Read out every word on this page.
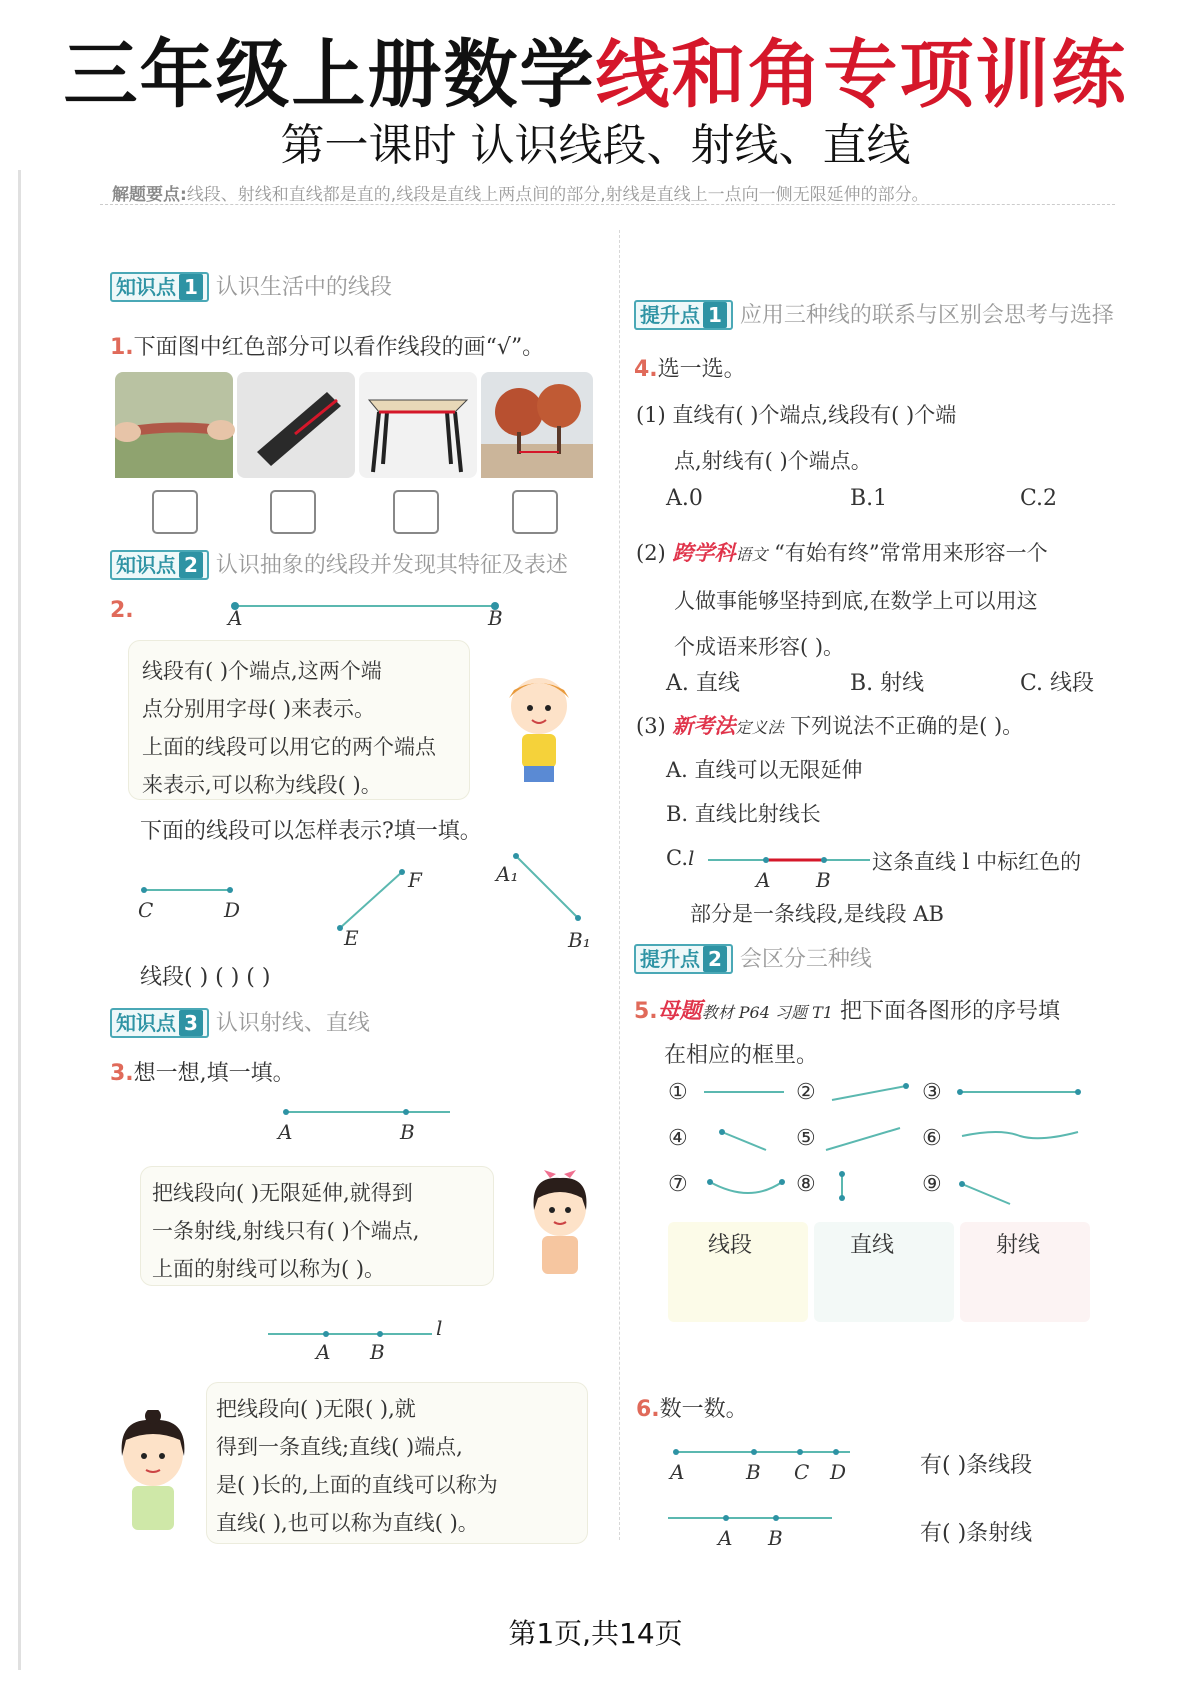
三年级上册数学线和角专项训练
第一课时 认识线段、射线、直线
解题要点:线段、射线和直线都是直的,线段是直线上两点间的部分,射线是直线上一点向一侧无限延伸的部分。
知识点 1 认识生活中的线段
1.下面图中红色部分可以看作线段的画“√”。
知识点 2 认识抽象的线段并发现其特征及表述
2.	A	B
线段有( )个端点,这两个端
点分别用字母( )来表示。
上面的线段可以用它的两个端点
来表示,可以称为线段( )。
下面的线段可以怎样表示?填一填。
C	D
F
E
A₁
B₁
线段( ) ( ) ( )
知识点 3 认识射线、直线
3.想一想,填一填。
A	B
把线段向( )无限延伸,就得到
一条射线,射线只有( )个端点,
上面的射线可以称为( )。
l
A B
把线段向( )无限( ),就
得到一条直线;直线( )端点,
是( )长的,上面的直线可以称为
直线( ),也可以称为直线( )。
提升点 1 应用三种线的联系与区别会思考与选择
4.选一选。
(1) 直线有( )个端点,线段有( )个端
点,射线有( )个端点。
A.0	B.1	C.2
(2) 跨学科语文 “有始有终”常常用来形容一个
人做事能够坚持到底,在数学上可以用这
个成语来形容( )。
A. 直线	B. 射线	C. 线段
(3) 新考法定义法 下列说法不正确的是( )。
A. 直线可以无限延伸
B. 直线比射线长
C.l
A B
这条直线 l 中标红色的
部分是一条线段,是线段 AB
提升点 2 会区分三种线
5.母题教材 P64 习题 T1 把下面各图形的序号填
在相应的框里。
①	②	③
④	⑤	⑥
⑦	⑧	⑨
线段	直线	射线
6.数一数。
A	B C D	有( )条线段
A B	有( )条射线
第1页,共14页
